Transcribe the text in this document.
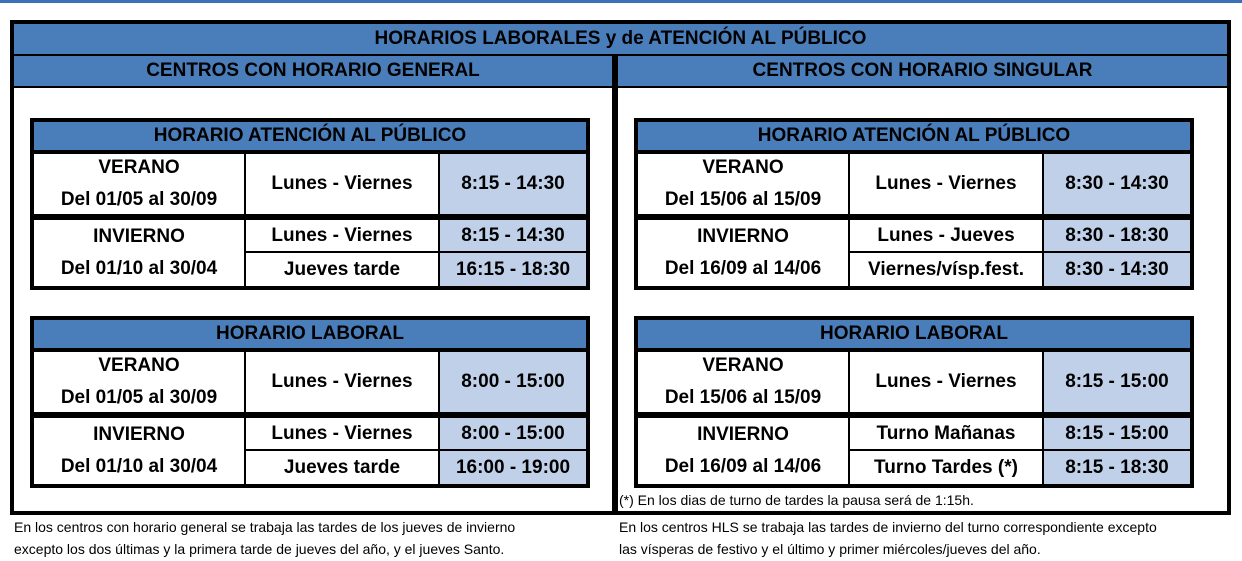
HORARIOS LABORALES y de ATENCIÓN AL PÚBLICO
CENTROS CON HORARIO GENERAL	CENTROS CON HORARIO SINGULAR
HORARIO ATENCIÓN AL PÚBLICO
VERANO
Del 01/05 al 30/09
Lunes - Viernes	8:15 - 14:30
INVIERNO
Del 01/10 al 30/04
Lunes - Viernes	8:15 - 14:30
Jueves tarde	16:15 - 18:30
HORARIO LABORAL
VERANO
Del 01/05 al 30/09
Lunes - Viernes	8:00 - 15:00
INVIERNO
Del 01/10 al 30/04
Lunes - Viernes	8:00 - 15:00
Jueves tarde	16:00 - 19:00
HORARIO ATENCIÓN AL PÚBLICO
VERANO
Del 15/06 al 15/09
Lunes - Viernes	8:30 - 14:30
INVIERNO
Del 16/09 al 14/06
Lunes - Jueves	8:30 - 18:30
Viernes/vísp.fest.	8:30 - 14:30
HORARIO LABORAL
VERANO
Del 15/06 al 15/09
Lunes - Viernes	8:15 - 15:00
INVIERNO
Del 16/09 al 14/06
Turno Mañanas	8:15 - 15:00
Turno Tardes (*)	8:15 - 18:30
(*) En los dias de turno de tardes la pausa será de 1:15h.
En los centros con horario general se trabaja las tardes de los jueves de invierno
excepto los dos últimas y la primera tarde de jueves del año, y el jueves Santo.
En los centros HLS se trabaja las tardes de invierno del turno correspondiente excepto
las vísperas de festivo y el último y primer miércoles/jueves del año.
